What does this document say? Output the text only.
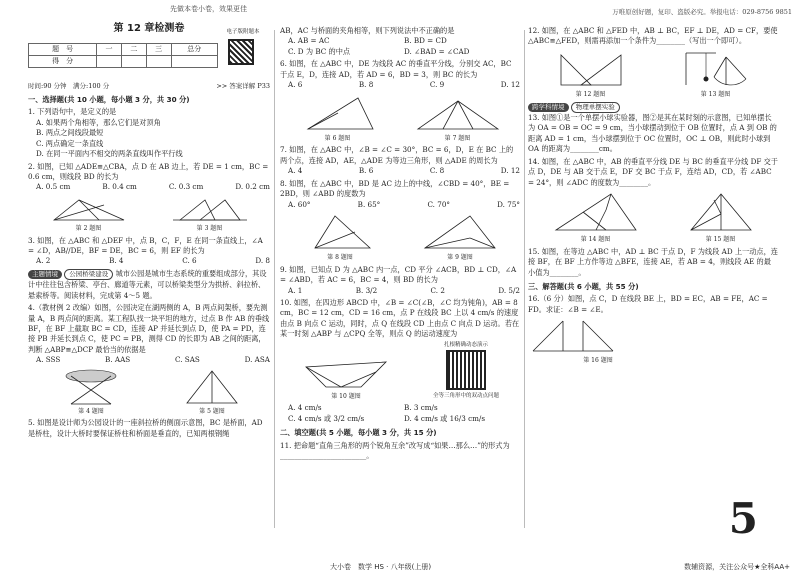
先做本卷小卷，效果更佳	万唯原创好题，复印、盗版必究。举报电话：029-8756 9851
第 12 章检测卷
题　号	一	二	三	总分
得　分				
电子版附题本
时间:90 分钟　满分:100 分	>> 答案详解 P33
一、选择题(共 10 小题，每小题 3 分，共 30 分)
1. 下列语句中，是定义的是
A. 如果两个角相等，那么它们是对顶角
B. 两点之间线段最短
C. 两点确定一条直线
D. 在同一平面内不相交的两条直线叫作平行线
2. 如图，已知 △ADE≌△CBA，点 D 在 AB 边上，若 DE = 1 cm，BC = 0.6 cm，则线段 BD 的长为
A. 0.5 cm	B. 0.4 cm	C. 0.3 cm	D. 0.2 cm
第 2 题图	第 3 题图
3. 如图，在 △ABC 和 △DEF 中，点 B，C，F，E 在同一条直线上，∠A = ∠D，AB//DE，BF = DE，BC = 6，则 EF 的长为
A. 2	B. 4	C. 6	D. 8
主题情境 公园桥梁建设 城市公园是城市生态系统的重要组成部分，其设计中往往包含桥梁、亭台、廊道等元素，可以桥梁类型分为拱桥、斜拉桥、悬索桥等。阅读材料，完成第 4～5 题。
4.（教材例 2 改编）如图，公园决定在湖两侧的 A，B 两点间架桥，要先测量 A，B 两点间的距离。某工程队找一块平坦的地方，过点 B 作 AB 的垂线 BF，在 BF 上截取 BC = CD，连接 AP 并延长到点 D，使 PA = PD，连接 PB 并延长到点 C，使 PC = PB，测得 CD 的长即为 AB 之间的距离，判断 △ABP≌△DCP 最恰当的依据是
A. SSS	B. AAS	C. SAS	D. ASA
第 4 题图	第 5 题图
5. 如图是设计师为公园设计的一座斜拉桥的侧面示意图，BC 是桥面，AD 是桥柱，设计大桥时要保证桥柱和桥面是垂直的，已知两根钢绳
AB，AC 与桥面的夹角相等，则下列说法中不正确的是
A. AB = AC	B. BD = CD
C. D 为 BC 的中点	D. ∠BAD = ∠CAD
6. 如图，在 △ABC 中，DE 为线段 AC 的垂直平分线，分别交 AC，BC 于点 E，D，连接 AD，若 AD = 6，BD = 3，则 BC 的长为
A. 6	B. 8	C. 9	D. 12
第 6 题图	第 7 题图
7. 如图，在 △ABC 中，∠B = ∠C = 30°，BC = 6，D，E 在 BC 上的两个点，连接 AD，AE，△ADE 为等边三角形，则 △ADE 的周长为
A. 4	B. 6	C. 8	D. 12
8. 如图，在 △ABC 中，BD 是 AC 边上的中线，∠CBD = 40°，BE = 2BD，则 ∠ABD 的度数为
A. 60°	B. 65°	C. 70°	D. 75°
第 8 题图	第 9 题图
9. 如图，已知点 D 为 △ABC 内一点，CD 平分 ∠ACB，BD ⊥ CD，∠A = ∠ABD，若 AC = 6，BC = 4，则 BD 的长为
A. 1	B. 3/2	C. 2	D. 5/2
10. 如图，在四边形 ABCD 中，∠B = ∠C(∠B，∠C 均为钝角)，AB = 8 cm，BC = 12 cm，CD = 16 cm，点 P 在线段 BC 上以 4 cm/s 的速度由点 B 向点 C 运动，同时，点 Q 在线段 CD 上由点 C 向点 D 运动。若在某一时刻 △ABP 与 △CPQ 全等，则点 Q 的运动速度为
第 10 题图
扎根精确动态演示
全等三角形中的双动点问题
A. 4 cm/s	B. 3 cm/s
C. 4 cm/s 或 3/2 cm/s	D. 4 cm/s 或 16/3 cm/s
二、填空题(共 5 小题，每小题 3 分，共 15 分)
11. 把命题“直角三角形的两个锐角互余”改写成“如果…那么…”的形式为________________________。
12. 如图，在 △ABC 和 △FED 中，AB ⊥ BC，EF ⊥ DE，AD = CF，要使 △ABC≌△FED，则需再添加一个条件为________（写出一个即可）。
第 12 题图	第 13 题图
跨学科情境 物理单摆实验
13. 如图①是一个单摆小球实验器，图②是其在某时刻的示意图，已知单摆长为 OA = OB = OC = 9 cm，当小球摆动到位于 OB 位置时，点 A 到 OB 的距离 AD = 1 cm，当小球摆到位于 OC 位置时，OC ⊥ OB，则此时小球到 OA 的距离为________cm。
14. 如图，在 △ABC 中，AB 的垂直平分线 DE 与 BC 的垂直平分线 DF 交于点 D，DE 与 AB 交于点 E，DF 交 BC 于点 F，连结 AD，CD，若 ∠ABC = 24°，则 ∠ADC 的度数为________。
第 14 题图	第 15 题图
15. 如图，在等边 △ABC 中，AD ⊥ BC 于点 D，F 为线段 AD 上一动点，连接 BF，在 BF 上方作等边 △BFE，连接 AE，若 AB = 4，则线段 AE 的最小值为________。
三、解答题(共 6 小题，共 55 分)
16.（6 分）如图，点 C，D 在线段 BE 上，BD = EC，AB = FE，AC = FD。求证：∠B = ∠E。
第 16 题图
5
大小卷　数学 HS · 八年级(上册)	数辅资源，关注公众号★全科AA+
